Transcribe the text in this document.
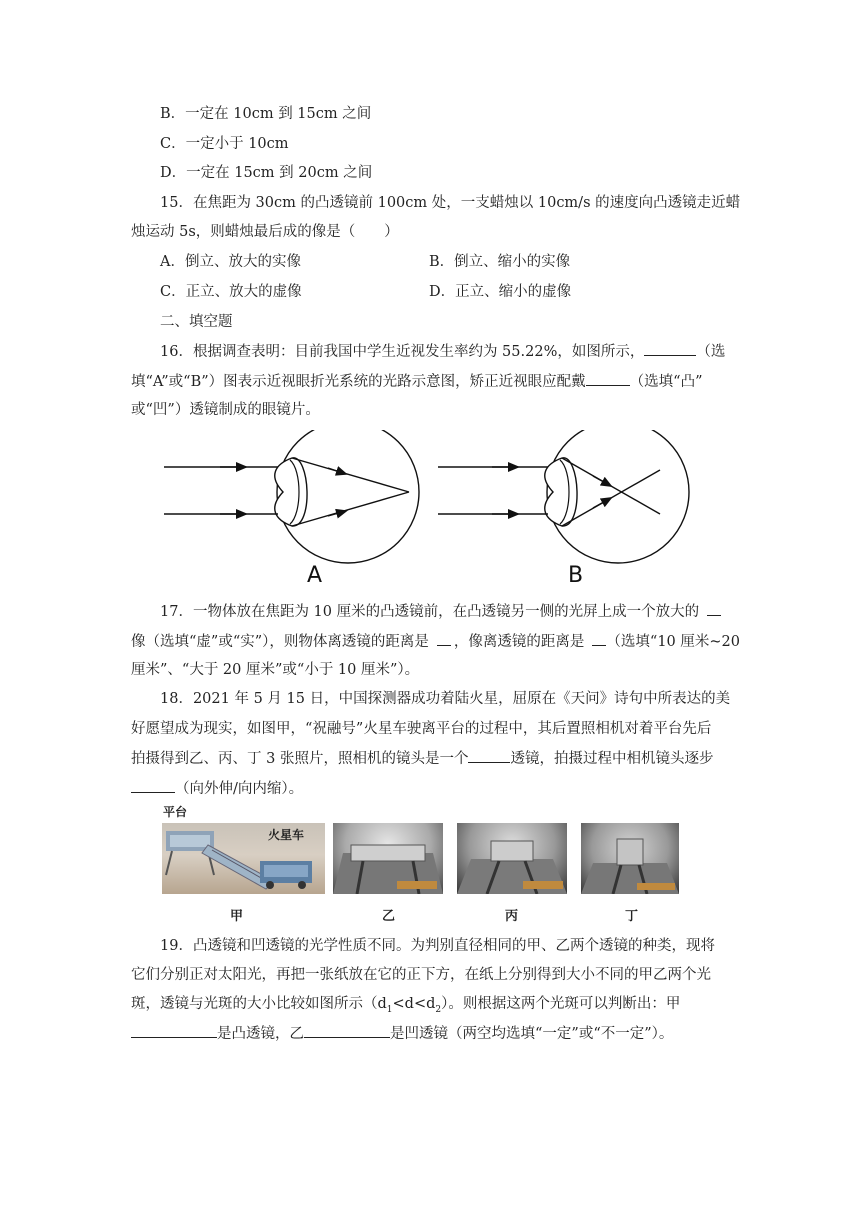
B．一定在 10cm 到 15cm 之间
C．一定小于 10cm
D．一定在 15cm 到 20cm 之间
15．在焦距为 30cm 的凸透镜前 100cm 处，一支蜡烛以 10cm/s 的速度向凸透镜走近蜡
烛运动 5s，则蜡烛最后成的像是（　　）
A．倒立、放大的实像	B．倒立、缩小的实像
C．正立、放大的虚像	D．正立、缩小的虚像
二、填空题
16．根据调查表明：目前我国中学生近视发生率约为 55.22%，如图所示，	（选
填“A”或“B”）图表示近视眼折光系统的光路示意图，矫正近视眼应配戴	（选填“凸”
或“凹”）透镜制成的眼镜片。
A	B
17．一物体放在焦距为 10 厘米的凸透镜前，在凸透镜另一侧的光屏上成一个放大的
像（选填“虚”或“实”），则物体离透镜的距离是 ，像离透镜的距离是 （选填“10 厘米~20
厘米”、“大于 20 厘米”或“小于 10 厘米”）。
18．2021 年 5 月 15 日，中国探测器成功着陆火星，屈原在《天问》诗句中所表达的美
好愿望成为现实，如图甲，“祝融号”火星车驶离平台的过程中，其后置照相机对着平台先后
拍摄得到乙、丙、丁 3 张照片，照相机的镜头是一个	透镜，拍摄过程中相机镜头逐步
（向外伸/向内缩）。
平台
火星车
甲	乙	丙	丁
19．凸透镜和凹透镜的光学性质不同。为判别直径相同的甲、乙两个透镜的种类，现将
它们分别正对太阳光，再把一张纸放在它的正下方，在纸上分别得到大小不同的甲乙两个光
斑，透镜与光斑的大小比较如图所示$(d_1<d<d_2)$。则根据这两个光斑可以判断出：甲
是凸透镜，乙	是凹透镜（两空均选填“一定”或“不一定”）。
